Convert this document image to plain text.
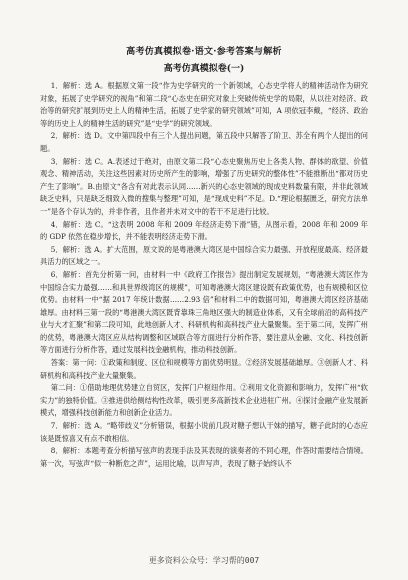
高考仿真模拟卷·语文·参考答案与解析
高考仿真模拟卷(一)

1．解析：选 A。根据原文第一段“作为史学研究的一个新领域，心态史学将人的精神活动作为研究对象，拓展了史学研究的视角”和第二段“心态史在研究对象上突破传统史学的局限，从以往对经济、政治等的研究扩展到历史上人的精神生活，拓展了史学家的研究领域”可知，A 项依冠李戴，“经济、政治等的历史上人的精神生活的研究”是“史学”的研究领域。

2．解析：选 D。文中第四段中有三个人提出问题，第五段中只解答了阶卫、苏全有两个人提出的问题。

3．解析：选 C。A.表述过于绝对，由原文第二段“心态史聚焦历史上各类人物、群体的欲望、价值观念、精神活动，关注这些因素对历史所产生的影响，增强了历史研究的整体性”不能推断出“都对历史产生了影响”。B.由原文“各含有对此表示认同……新兴的心态史领域的现成史料数量有限，并非此领域缺乏史料，只是缺乏细致入微的搜集与整理”可知，是“现成史料”不足。D.“理论根据匮乏，研究方法单一”是各个存认为的，并非作者，且作者并未对文中的若干不足进行比较。

4．解析：选 C。“这表明 2008 年和 2009 年经济走势下滑”错，从图示看，2008 年和 2009 年的 GDP 依然在稳步增长，并不能表明经济走势下滑。

5．解析：选 A。扩大范围，原文说的是粤港澳大湾区是中国综合实力最强、开放程度最高、经济最具活力的区域之一。

6．解析：首先分析第一问，由材料一中《政府工作报告》提出制定发展规划，“粤港澳大湾区作为中国综合实力最强……和具世界级湾区的规模”，可知粤港澳大湾区建设既有政策优势，也有规模和区位优势。由材料一中“据 2017 年统计数据……2.93 倍”和材料二中的数据可知，粤港澳大湾区经济基础雄厚。由材料三第一段的“粤港澳大湾区既背靠珠三角地区强大的制造业体系，又有全球前沿的高科技产业与大才汇聚”和第二段可知，此地创新人才、科研机构和高科技产业大量聚集。至于第二问，发挥广州的优势，粤港澳大湾区应从结构调整和区域联合等方面进行分析作答，要注意从金融、文化、科技创新等方面进行分析作答，通过发展科技金融机构，推动科技创新。

答案：第一问：①政策和制度、区位和规模等方面优势明显。②经济发展基础雄厚。③创新人才、科研机构和高科技产业大量聚集。

第二问：①借助地理优势建立自贸区，发挥门户枢纽作用。②利用文化资源和影响力，发挥广州“软实力”的独特价值。③推进供给侧结构性改革，吸引更多高新技术企业进驻广州。④探讨金融产业发展新模式，增强科技创新能力和创新企业活力。

7．解析：选 A。“略带歧义”分析错误，根据小说前几段对糖子想认干妹的描写，糖子此时的心态应该是既惊喜又有点不敢相信。

8．解析：本题考查分析描写弦声的表现手法及其表现的演奏者的不同心理，作答时需要结合情境。第一次，写弦声“似一种断危之声”，运用比喻，以声写声，表现了糖子始终认不

更多资料公众号：学习帮的007
